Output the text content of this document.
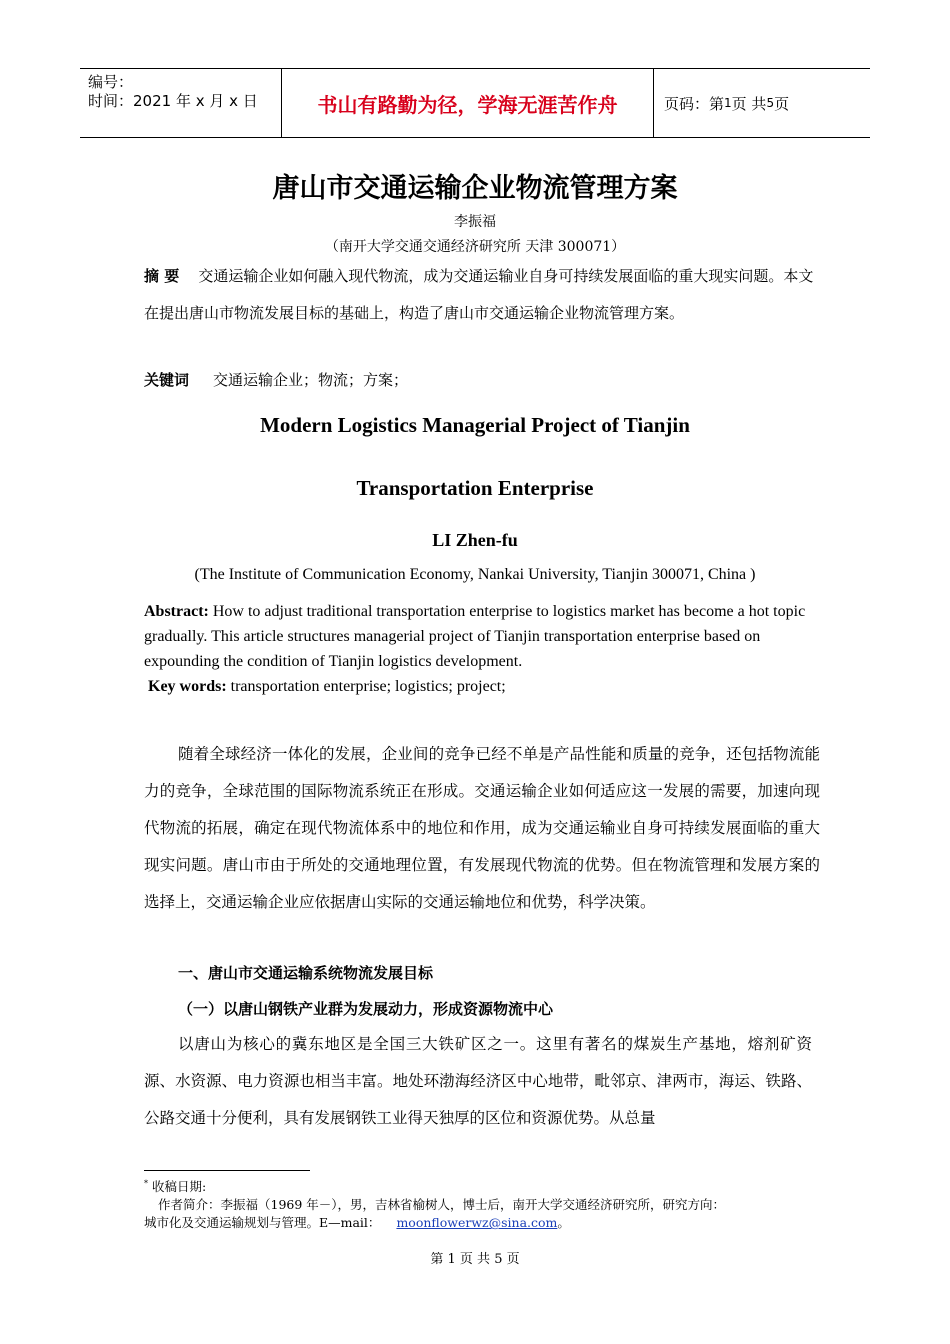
编号：
时间：2021 年 x 月 x 日	书山有路勤为径，学海无涯苦作舟	页码：第 1 页 共 5 页
唐山市交通运输企业物流管理方案
李振福
（南开大学交通交通经济研究所 天津 300071）
摘 要 交通运输企业如何融入现代物流，成为交通运输业自身可持续发展面临的重大现实问题。本文在提出唐山市物流发展目标的基础上，构造了唐山市交通运输企业物流管理方案。
关键词 交通运输企业；物流；方案；
Modern Logistics Managerial Project of Tianjin
Transportation Enterprise
LI Zhen-fu
(The Institute of Communication Economy, Nankai University, Tianjin 300071, China )
Abstract: How to adjust traditional transportation enterprise to logistics market has become a hot topic gradually. This article structures managerial project of Tianjin transportation enterprise based on expounding the condition of Tianjin logistics development.
Key words: transportation enterprise; logistics; project;

随着全球经济一体化的发展，企业间的竞争已经不单是产品性能和质量的竞争，还包括物流能力的竞争，全球范围的国际物流系统正在形成。交通运输企业如何适应这一发展的需要，加速向现代物流的拓展，确定在现代物流体系中的地位和作用，成为交通运输业自身可持续发展面临的重大现实问题。唐山市由于所处的交通地理位置，有发展现代物流的优势。但在物流管理和发展方案的选择上，交通运输企业应依据唐山实际的交通运输地位和优势，科学决策。

一、唐山市交通运输系统物流发展目标
（一）以唐山钢铁产业群为发展动力，形成资源物流中心

以唐山为核心的冀东地区是全国三大铁矿区之一。这里有著名的煤炭生产基地，熔剂矿资源、水资源、电力资源也相当丰富。地处环渤海经济区中心地带，毗邻京、津两市，海运、铁路、公路交通十分便利，具有发展钢铁工业得天独厚的区位和资源优势。从总量

* 收稿日期:
作者简介：李振福（1969 年－），男，吉林省榆树人，博士后，南开大学交通经济研究所，研究方向：
城市化及交通运输规划与管理。E—mail： moonflowerwz@sina.com。
第 1 页 共 5 页
